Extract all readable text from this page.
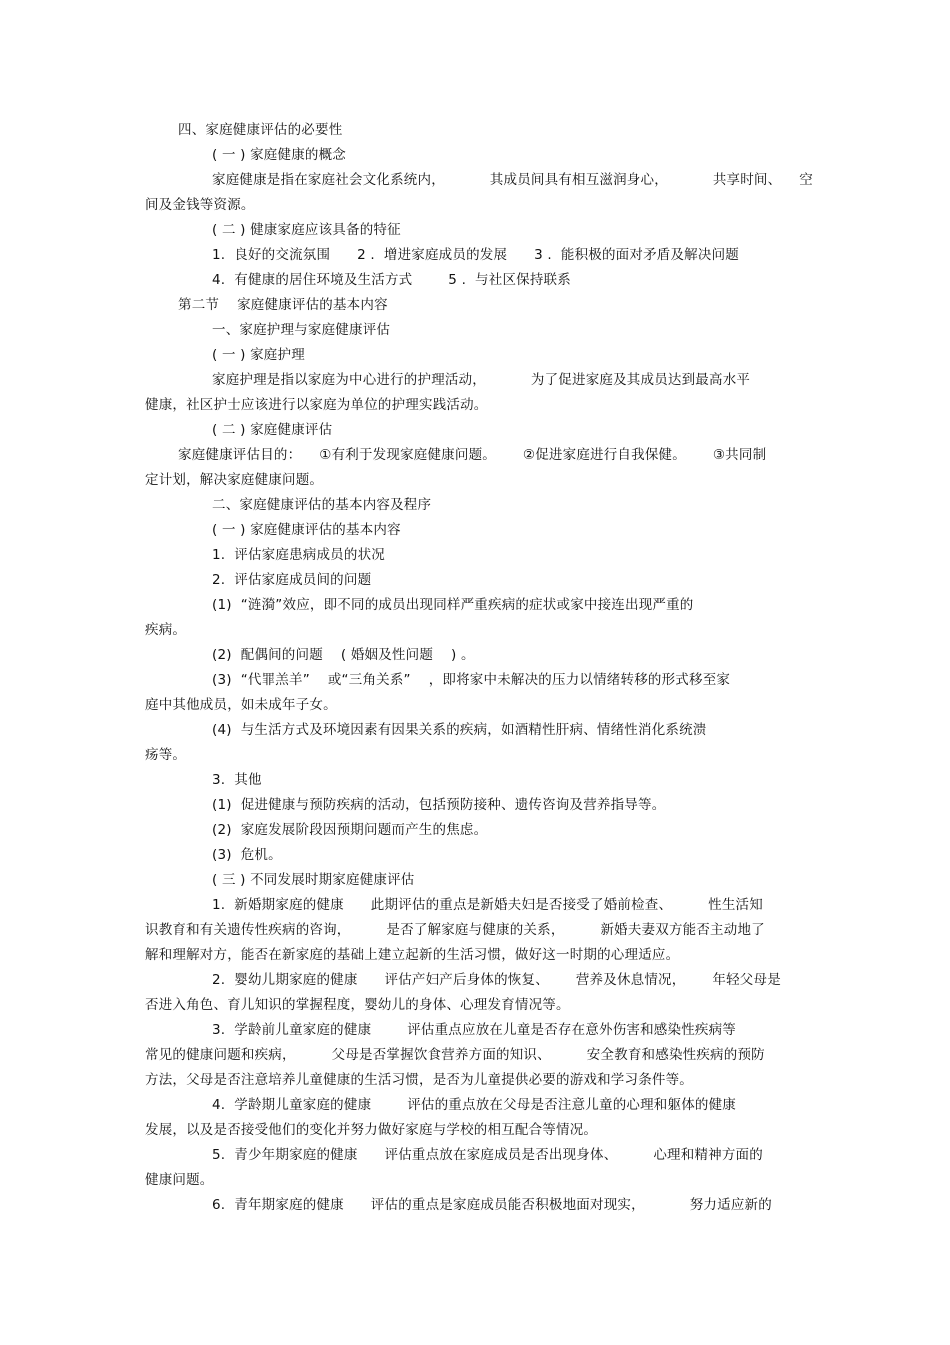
四、家庭健康评估的必要性
( 一 ) 家庭健康的概念
家庭健康是指在家庭社会文化系统内，          其成员间具有相互滋润身心，          共享时间、    空
间及金钱等资源。
( 二 ) 健康家庭应该具备的特征
1.  良好的交流氛围      2 .  增进家庭成员的发展      3 .  能积极的面对矛盾及解决问题
4.  有健康的居住环境及生活方式        5 .  与社区保持联系
第二节    家庭健康评估的基本内容
一、家庭护理与家庭健康评估
( 一 ) 家庭护理
家庭护理是指以家庭为中心进行的护理活动，          为了促进家庭及其成员达到最高水平
健康，社区护士应该进行以家庭为单位的护理实践活动。
( 二 ) 家庭健康评估
家庭健康评估目的：    ①有利于发现家庭健康问题。      ②促进家庭进行自我保健。      ③共同制
定计划，解决家庭健康问题。
二、家庭健康评估的基本内容及程序
( 一 ) 家庭健康评估的基本内容
1.  评估家庭患病成员的状况
2.  评估家庭成员间的问题
(1)  “涟漪”效应，即不同的成员出现同样严重疾病的症状或家中接连出现严重的
疾病。
(2)  配偶间的问题    ( 婚姻及性问题    ) 。
(3)  “代罪羔羊”    或“三角关系”    ，即将家中未解决的压力以情绪转移的形式移至家
庭中其他成员，如未成年子女。
(4)  与生活方式及环境因素有因果关系的疾病，如酒精性肝病、情绪性消化系统溃
疡等。
3.  其他
(1)  促进健康与预防疾病的活动，包括预防接种、遗传咨询及营养指导等。
(2)  家庭发展阶段因预期问题而产生的焦虑。
(3)  危机。
( 三 ) 不同发展时期家庭健康评估
1.  新婚期家庭的健康      此期评估的重点是新婚夫妇是否接受了婚前检查、        性生活知
识教育和有关遗传性疾病的咨询，        是否了解家庭与健康的关系，        新婚夫妻双方能否主动地了
解和理解对方，能否在新家庭的基础上建立起新的生活习惯，做好这一时期的心理适应。
2.  婴幼儿期家庭的健康      评估产妇产后身体的恢复、      营养及休息情况，      年轻父母是
否进入角色、育儿知识的掌握程度，婴幼儿的身体、心理发育情况等。
3.  学龄前儿童家庭的健康        评估重点应放在儿童是否存在意外伤害和感染性疾病等
常见的健康问题和疾病，        父母是否掌握饮食营养方面的知识、        安全教育和感染性疾病的预防
方法，父母是否注意培养儿童健康的生活习惯，是否为儿童提供必要的游戏和学习条件等。
4.  学龄期儿童家庭的健康        评估的重点放在父母是否注意儿童的心理和躯体的健康
发展，以及是否接受他们的变化并努力做好家庭与学校的相互配合等情况。
5.  青少年期家庭的健康      评估重点放在家庭成员是否出现身体、        心理和精神方面的
健康问题。
6.  青年期家庭的健康      评估的重点是家庭成员能否积极地面对现实，          努力适应新的
